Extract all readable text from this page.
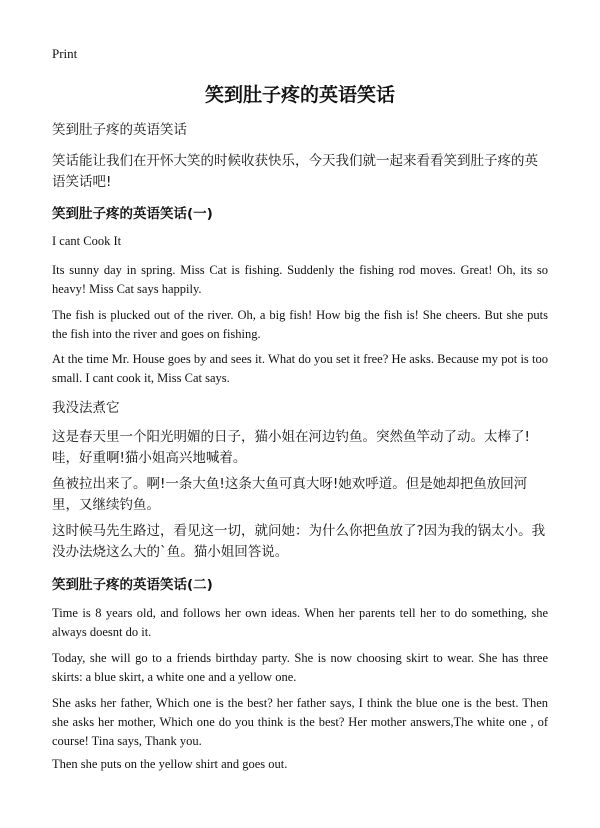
Print
笑到肚子疼的英语笑话
笑到肚子疼的英语笑话
笑话能让我们在开怀大笑的时候收获快乐，今天我们就一起来看看笑到肚子疼的英语笑话吧!
笑到肚子疼的英语笑话(一)
I cant Cook It

Its sunny day in spring. Miss Cat is fishing. Suddenly the fishing rod moves. Great! Oh, its so heavy! Miss Cat says happily.

The fish is plucked out of the river. Oh, a big fish! How big the fish is! She cheers. But she puts the fish into the river and goes on fishing.

At the time Mr. House goes by and sees it. What do you set it free? He asks. Because my pot is too small. I cant cook it, Miss Cat says.

我没法煮它

这是春天里一个阳光明媚的日子，猫小姐在河边钓鱼。突然鱼竿动了动。太棒了!哇，好重啊!猫小姐高兴地喊着。

鱼被拉出来了。啊!一条大鱼!这条大鱼可真大呀!她欢呼道。但是她却把鱼放回河里，又继续钓鱼。

这时候马先生路过，看见这一切，就问她：为什么你把鱼放了?因为我的锅太小。我没办法烧这么大的`鱼。猫小姐回答说。

笑到肚子疼的英语笑话(二)

Time is 8 years old, and follows her own ideas. When her parents tell her to do something, she always doesnt do it.

Today, she will go to a friends birthday party. She is now choosing skirt to wear. She has three skirts: a blue skirt, a white one and a yellow one.

She asks her father, Which one is the best? her father says, I think the blue one is the best. Then she asks her mother, Which one do you think is the best? Her mother answers,The white one , of course! Tina says, Thank you.

Then she puts on the yellow shirt and goes out.
